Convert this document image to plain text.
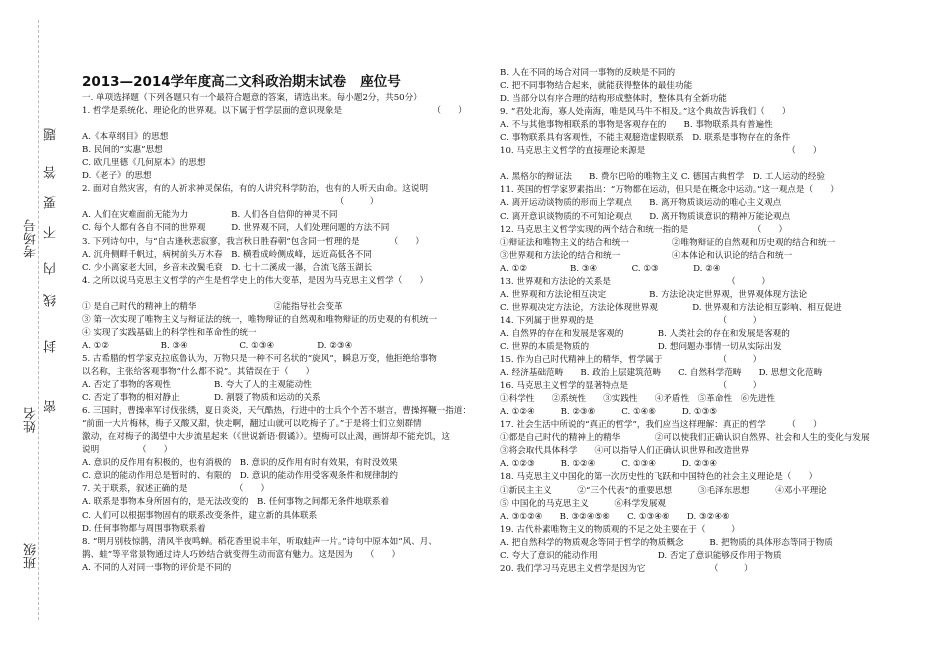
班级
姓名
考场号
密
封
线
内
不
要
答
题
2013—2014学年度高二文科政治期末试卷 座位号
一. 单项选择题（下列各题只有一个最符合题意的答案，请选出来。每小题2分，共50分）
1. 哲学是系统化、理论化的世界观。以下属于哲学层面的意识现象是　　　　　　　　　　　（　　）

A.《本草纲目》的思想
B. 民间的“实惠”思想
C. 欧几里德《几何原本》的思想
D.《老子》的思想
2. 面对自然灾害，有的人祈求神灵保佑，有的人讲究科学防治，也有的人听天由命。这说明
　　　　　　　　　　　　　　　　　　　　　　　　　　　　　　（　　　）
A. 人们在灾难面前无能为力　　　　　B. 人们各自信仰的神灵不同
C. 每个人都有各自不同的世界观　　　D. 世界观不同，人们处理问题的方法不同
3. 下列诗句中，与“自古逢秋悲寂寥，我言秋日胜春朝”包含同一哲理的是　　　　（　　）
A. 沉舟侧畔千帆过，病树前头万木春　B. 横看成岭侧成峰，远近高低各不同
C. 少小离家老大回，乡音未改鬓毛衰　D. 七十二溪成一瀑，合流飞落玉湖长
4. 之所以说马克思主义哲学的产生是哲学史上的伟大变革，是因为马克思主义哲学（　　）

① 是自己时代的精神上的精华　　　　　　　　　②能指导社会变革
③ 第一次实现了唯物主义与辩证法的统一，唯物辩证的自然观和唯物辩证的历史观的有机统一
④ 实现了实践基础上的科学性和革命性的统一
A. ①②　　　　　　B. ③④　　　　　　C. ①③④　　　　　D. ②③④
5. 古希腊的哲学家克拉底鲁认为，万物只是一种不可名状的“旋风”，瞬息万变，他拒绝给事物
以名称，主张给客观事物“什么都不说”。其错误在于（　　）
A. 否定了事物的客观性　　　　　B. 夸大了人的主观能动性
C. 否定了事物的相对静止　　　　D. 割裂了物质和运动的关系
6. 三国时，曹操率军讨伐张绣，夏日炎炎，天气酷热，行进中的士兵个个苦不堪言，曹操挥鞭一指道：
“前面一大片梅林，梅子又酸又甜，快走啊，翻过山就可以吃梅子了。”于是将士们立刻群情
激动，在对梅子的渴望中大步流星起来（《世说新语·假谲》）。望梅可以止渴，画饼却不能充饥，这
说明　　　　　（　　）
A. 意识的反作用有积极的，也有消极的　B. 意识的反作用有时有效果，有时没效果
C. 意识的能动作用总是暂时的、有限的　D. 意识的能动作用受客观条件和规律制约
7. 关于联系，叙述正确的是　　　　　　（　　）
A. 联系是事物本身所固有的，是无法改变的　B. 任何事物之间都无条件地联系着
C. 人们可以根据事物固有的联系改变条件，建立新的具体联系
D. 任何事物都与周围事物联系着
8. “明月别枝惊鹊，清风半夜鸣蝉。稻花香里说丰年，听取蛙声一片。”诗句中原本如“风、月、
鹊、蛙”等平常景物通过诗人巧妙结合就变得生动而富有魅力。这是因为　　（　　）
A. 不同的人对同一事物的评价是不同的
B. 人在不同的场合对同一事物的反映是不同的
C. 把不同事物结合起来，就能获得整体的最佳功能
D. 当部分以有序合理的结构形成整体时，整体具有全新功能
9. “君处北海，寡人处南海，唯是风马牛不相及。”这个典故告诉我们（　　）
A. 不与其他事物相联系的事物是客观存在的　　B. 事物联系具有普遍性
C. 事物联系具有客观性，不能主观臆造虚假联系　D. 联系是事物存在的条件
10. 马克思主义哲学的直接理论来源是　　　　　　　　　　　　　　　　　（　　）

A. 黑格尔的辩证法　　B. 费尔巴哈的唯物主义 C. 德国古典哲学　D. 工人运动的经验
11. 英国的哲学家罗素指出：“万物都在运动，但只是在概念中运动。”这一观点是（　　）
A. 离开运动谈物质的形而上学观点　　B. 离开物质谈运动的唯心主义观点
C. 离开意识谈物质的不可知论观点　　D. 离开物质谈意识的精神万能论观点
12. 马克思主义哲学实现的两个结合和统一指的是　　　　　　　　（　　）
①辩证法和唯物主义的结合和统一　　　　　②唯物辩证的自然观和历史观的结合和统一
③世界观和方法论的结合和统一　　　　　　④本体论和认识论的结合和统一
A. ①②　　　　　B. ③④　　　　C. ①③　　　　D. ②④
13. 世界观和方法论的关系是　　　　　　　　　　　　　　（　　　）
A. 世界观和方法论相互决定　　　　　B. 方法论决定世界观，世界观体现方法论
C. 世界观决定方法论，方法论体现世界观　　　　D. 世界观和方法论相互影响、相互促进
14. 下列属于世界观的是　　　　　　　　　　　　　　　（　　　）
A. 自然界的存在和发展是客观的　　　　B. 人类社会的存在和发展是客观的
C. 世界的本质是物质的　　　　　　　　D. 想问题办事情一切从实际出发
15. 作为自己时代精神上的精华，哲学属于　　　　　　　（　　　）
A. 经济基础范畴　　B. 政治上层建筑范畴　　C. 自然科学范畴　　D. 思想文化范畴
16. 马克思主义哲学的显著特点是　　　　　　　　　　　（　　　）
①科学性　　②系统性　　③实践性　　④矛盾性　⑤革命性　⑥先进性
A. ①②④　　　B. ②③⑥　　　C. ①④⑥　　　D. ①③⑤
17. 社会生活中所说的“真正的哲学”，我们应当这样理解：真正的哲学　　　（　　）
①都是自己时代的精神上的精华　　　　②可以使我们正确认识自然界、社会和人生的变化与发展
③将会取代具体科学　　④可以指导人们正确认识世界和改造世界
A. ①②③　　　B. ①②④　　　C. ①③④　　　D. ②③④
18. 马克思主义中国化的第一次历史性的飞跃和中国特色的社会主义理论是（　　）
①新民主主义　　　②“三个代表”的重要思想　　　③毛泽东思想　　　④邓小平理论
⑤ 中国化的马克思主义　　　⑥科学发展观
A. ③①②④　　B. ③②④⑤⑥　　C. ①③④⑥　　D. ③②④⑥
19. 古代朴素唯物主义的物质观的不足之处主要在于（　　　）
A. 把自然科学的物质观念等同于哲学的物质概念　　　B. 把物质的具体形态等同于物质
C. 夸大了意识的能动作用　　　　　　　D. 否定了意识能够反作用于物质
20. 我们学习马克思主义哲学是因为它　　　　　　　　（　　　）
